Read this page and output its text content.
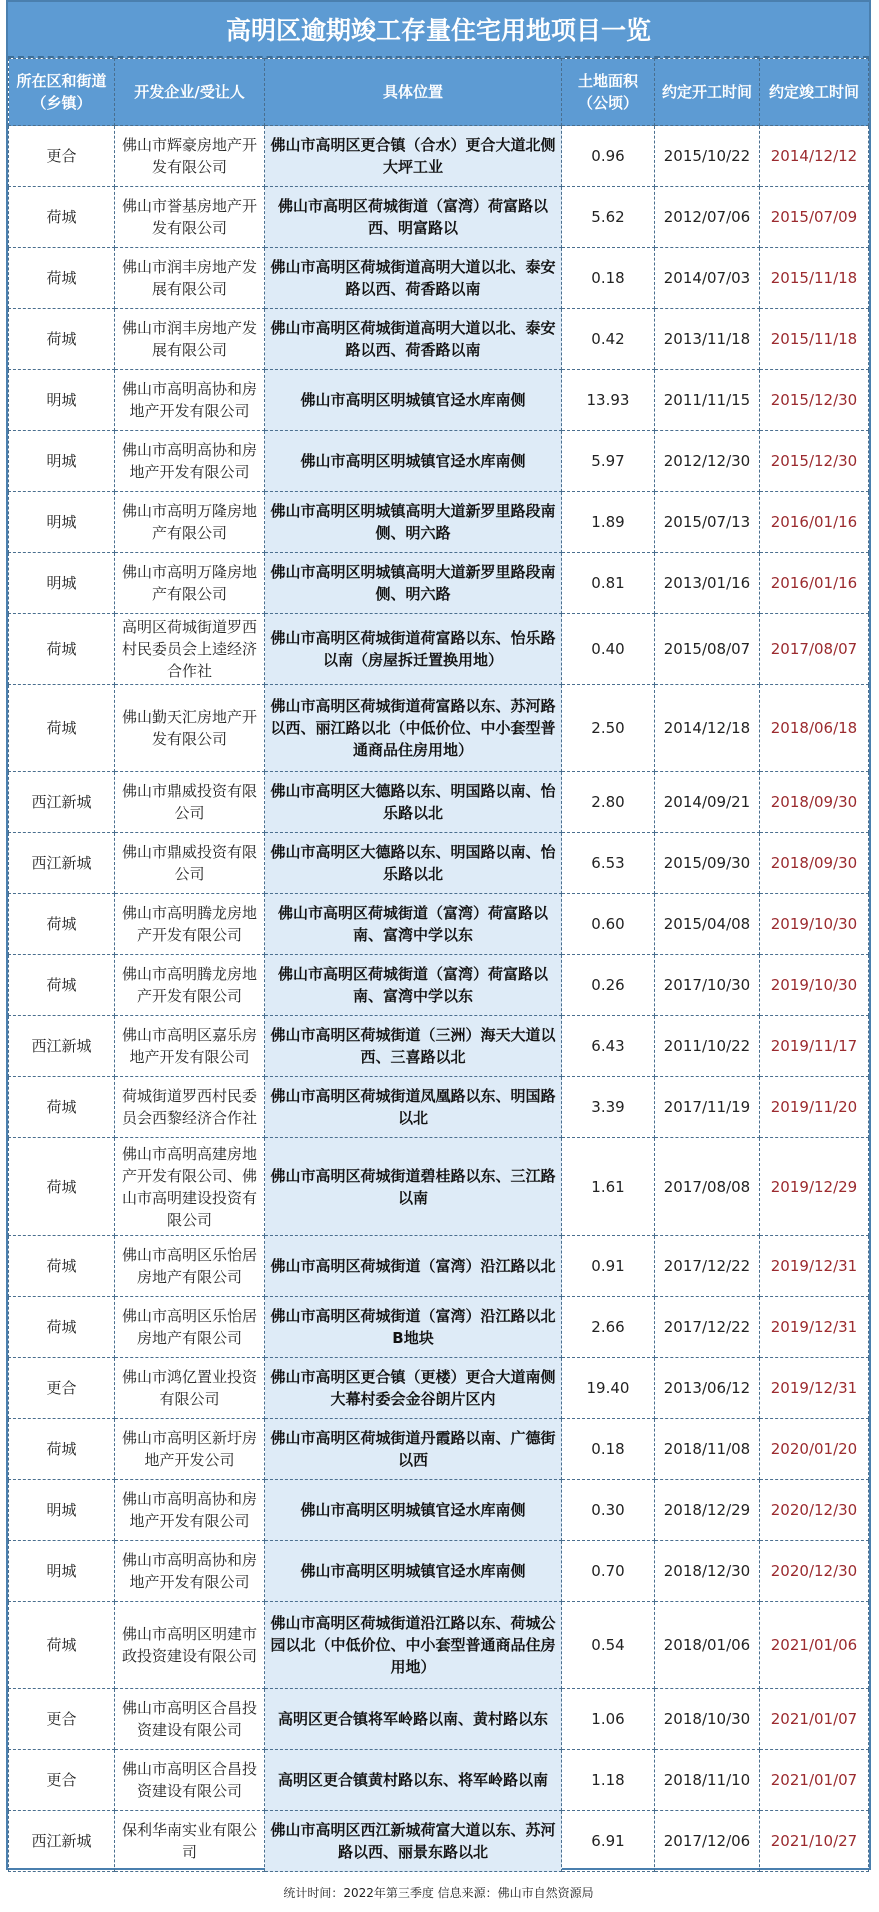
高明区逾期竣工存量住宅用地项目一览
所在区和街道（乡镇）	开发企业/受让人	具体位置	土地面积（公顷）	约定开工时间	约定竣工时间
更合	佛山市辉豪房地产开发有限公司	佛山市高明区更合镇（合水）更合大道北侧大坪工业	0.96	2015/10/22	2014/12/12
荷城	佛山市誉基房地产开发有限公司	佛山市高明区荷城街道（富湾）荷富路以西、明富路以	5.62	2012/07/06	2015/07/09
荷城	佛山市润丰房地产发展有限公司	佛山市高明区荷城街道高明大道以北、泰安路以西、荷香路以南	0.18	2014/07/03	2015/11/18
荷城	佛山市润丰房地产发展有限公司	佛山市高明区荷城街道高明大道以北、泰安路以西、荷香路以南	0.42	2013/11/18	2015/11/18
明城	佛山市高明高协和房地产开发有限公司	佛山市高明区明城镇官迳水库南侧	13.93	2011/11/15	2015/12/30
明城	佛山市高明高协和房地产开发有限公司	佛山市高明区明城镇官迳水库南侧	5.97	2012/12/30	2015/12/30
明城	佛山市高明万隆房地产有限公司	佛山市高明区明城镇高明大道新罗里路段南侧、明六路	1.89	2015/07/13	2016/01/16
明城	佛山市高明万隆房地产有限公司	佛山市高明区明城镇高明大道新罗里路段南侧、明六路	0.81	2013/01/16	2016/01/16
荷城	高明区荷城街道罗西村民委员会上逵经济合作社	佛山市高明区荷城街道荷富路以东、怡乐路以南（房屋拆迁置换用地）	0.40	2015/08/07	2017/08/07
荷城	佛山勤天汇房地产开发有限公司	佛山市高明区荷城街道荷富路以东、苏河路以西、丽江路以北（中低价位、中小套型普通商品住房用地）	2.50	2014/12/18	2018/06/18
西江新城	佛山市鼎威投资有限公司	佛山市高明区大德路以东、明国路以南、怡乐路以北	2.80	2014/09/21	2018/09/30
西江新城	佛山市鼎威投资有限公司	佛山市高明区大德路以东、明国路以南、怡乐路以北	6.53	2015/09/30	2018/09/30
荷城	佛山市高明腾龙房地产开发有限公司	佛山市高明区荷城街道（富湾）荷富路以南、富湾中学以东	0.60	2015/04/08	2019/10/30
荷城	佛山市高明腾龙房地产开发有限公司	佛山市高明区荷城街道（富湾）荷富路以南、富湾中学以东	0.26	2017/10/30	2019/10/30
西江新城	佛山市高明区嘉乐房地产开发有限公司	佛山市高明区荷城街道（三洲）海天大道以西、三喜路以北	6.43	2011/10/22	2019/11/17
荷城	荷城街道罗西村民委员会西黎经济合作社	佛山市高明区荷城街道凤凰路以东、明国路以北	3.39	2017/11/19	2019/11/20
荷城	佛山市高明高建房地产开发有限公司、佛山市高明建设投资有限公司	佛山市高明区荷城街道碧桂路以东、三江路以南	1.61	2017/08/08	2019/12/29
荷城	佛山市高明区乐怡居房地产有限公司	佛山市高明区荷城街道（富湾）沿江路以北	0.91	2017/12/22	2019/12/31
荷城	佛山市高明区乐怡居房地产有限公司	佛山市高明区荷城街道（富湾）沿江路以北B地块	2.66	2017/12/22	2019/12/31
更合	佛山市鸿亿置业投资有限公司	佛山市高明区更合镇（更楼）更合大道南侧大幕村委会金谷朗片区内	19.40	2013/06/12	2019/12/31
荷城	佛山市高明区新圩房地产开发公司	佛山市高明区荷城街道丹霞路以南、广德街以西	0.18	2018/11/08	2020/01/20
明城	佛山市高明高协和房地产开发有限公司	佛山市高明区明城镇官迳水库南侧	0.30	2018/12/29	2020/12/30
明城	佛山市高明高协和房地产开发有限公司	佛山市高明区明城镇官迳水库南侧	0.70	2018/12/30	2020/12/30
荷城	佛山市高明区明建市政投资建设有限公司	佛山市高明区荷城街道沿江路以东、荷城公园以北（中低价位、中小套型普通商品住房用地）	0.54	2018/01/06	2021/01/06
更合	佛山市高明区合昌投资建设有限公司	高明区更合镇将军岭路以南、黄村路以东	1.06	2018/10/30	2021/01/07
更合	佛山市高明区合昌投资建设有限公司	高明区更合镇黄村路以东、将军岭路以南	1.18	2018/11/10	2021/01/07
西江新城	保利华南实业有限公司	佛山市高明区西江新城荷富大道以东、苏河路以西、丽景东路以北	6.91	2017/12/06	2021/10/27
统计时间：2022年第三季度 信息来源：佛山市自然资源局
